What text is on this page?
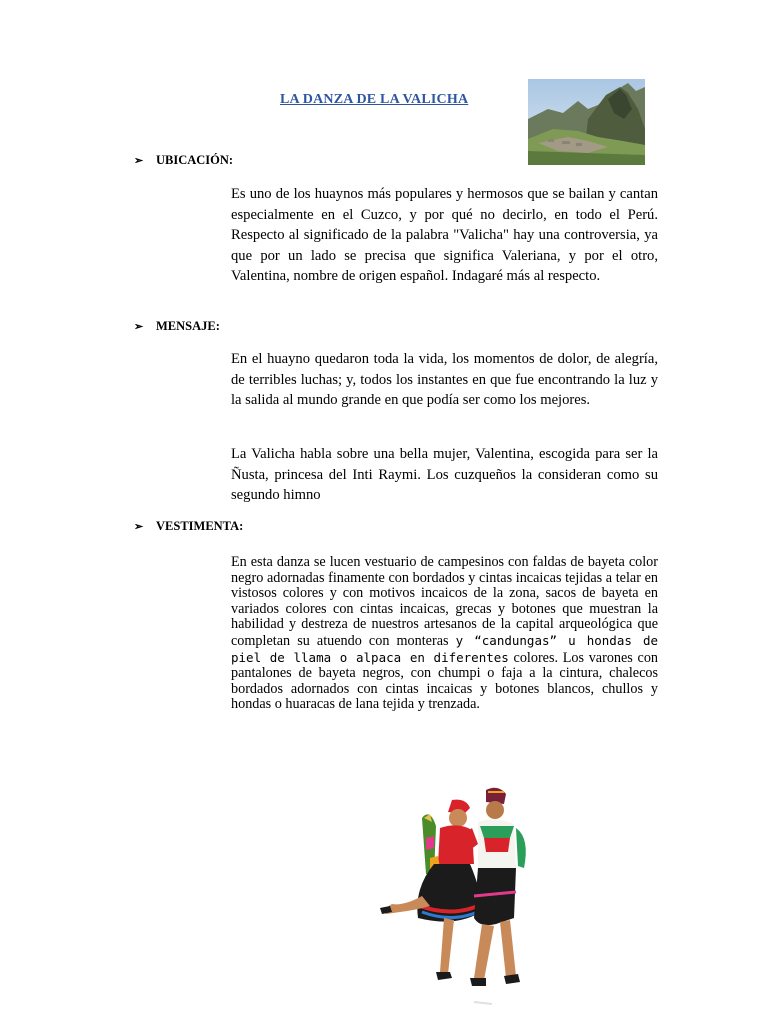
LA DANZA DE LA VALICHA
➢	UBICACIÓN:
Es uno de los huaynos más populares y hermosos que se bailan y cantan especialmente en el Cuzco, y por qué no decirlo, en todo el Perú. Respecto al significado de la palabra "Valicha" hay una controversia, ya que por un lado se precisa que significa Valeriana, y por el otro, Valentina, nombre de origen español. Indagaré más al respecto.
➢	MENSAJE:
En el huayno quedaron toda la vida, los momentos de dolor, de alegría, de terribles luchas; y, todos los instantes en que fue encontrando la luz y la salida al mundo grande en que podía ser como los mejores.
La Valicha habla sobre una bella mujer, Valentina, escogida para ser la Ñusta, princesa del Inti Raymi. Los cuzqueños la consideran como su segundo himno
➢	VESTIMENTA:
En esta danza se lucen vestuario de campesinos con faldas de bayeta color negro adornadas finamente con bordados y cintas incaicas tejidas a telar en vistosos colores y con motivos incaicos de la zona, sacos de bayeta en variados colores con cintas incaicas, grecas y botones que muestran la habilidad y destreza de nuestros artesanos de la capital arqueológica que completan su atuendo con monteras y “candungas” u hondas de piel de llama o alpaca en diferentes colores. Los varones con pantalones de bayeta negros, con chumpi o faja a la cintura, chalecos bordados adornados con cintas incaicas y botones blancos, chullos y hondas o huaracas de lana tejida y trenzada.
